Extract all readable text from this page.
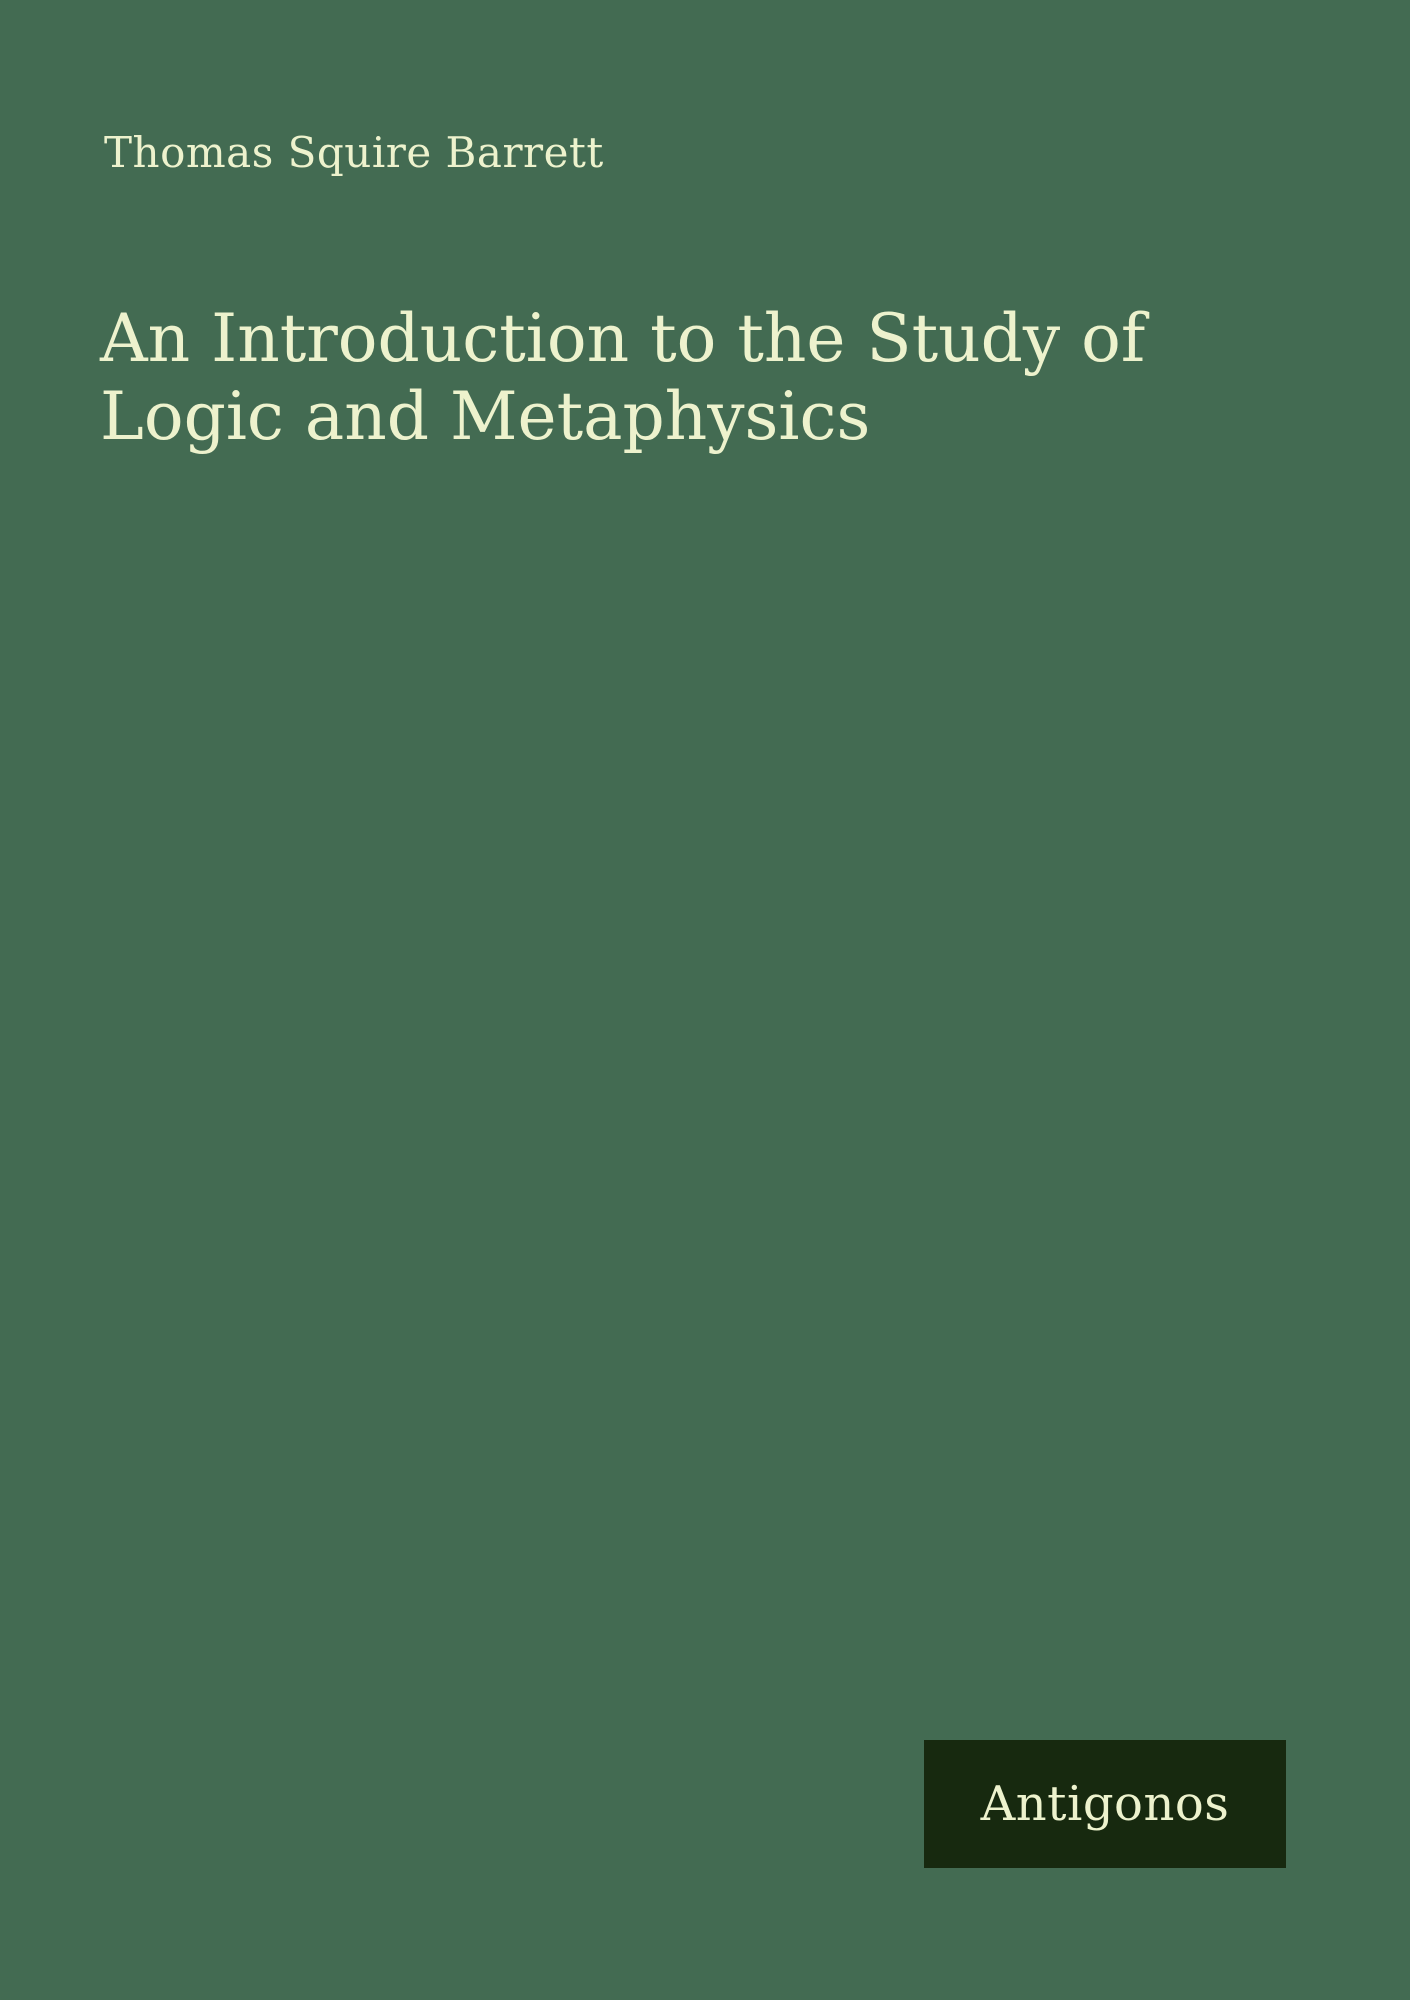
Thomas Squire Barrett
An Introduction to the Study of Logic and Metaphysics
Antigonos
